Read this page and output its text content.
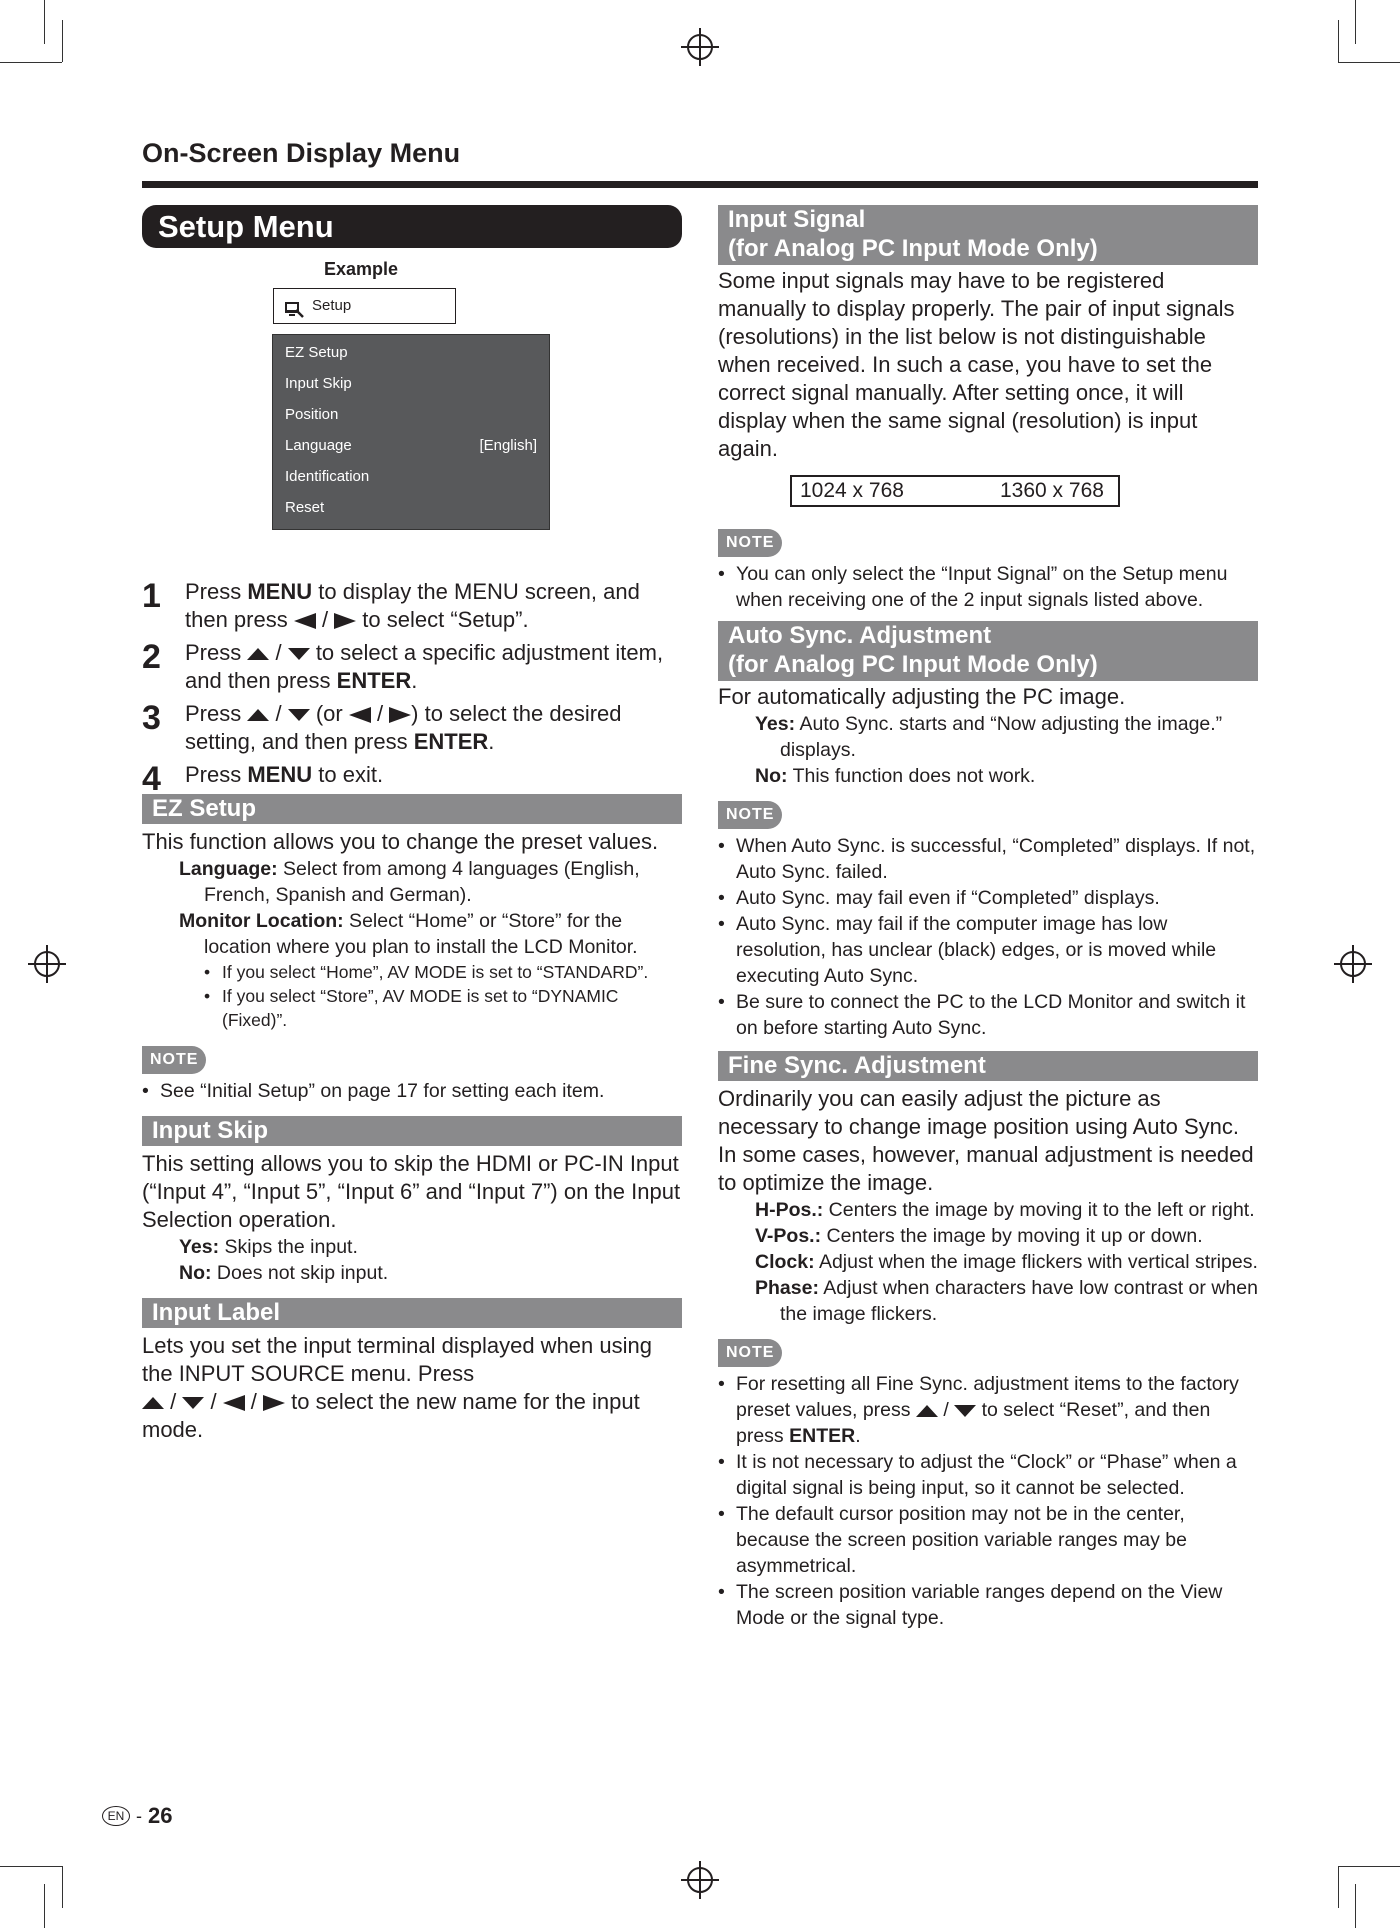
On-Screen Display Menu
Setup Menu
Example
Setup
EZ Setup
Input Skip
Position
Language	[English]
Identification
Reset
1 Press MENU to display the MENU screen, and then press  /  to select “Setup”.
2 Press  /  to select a specific adjustment item, and then press ENTER.
3 Press  /  (or  / ) to select the desired setting, and then press ENTER.
4 Press MENU to exit.
EZ Setup

This function allows you to change the preset values.

Language: Select from among 4 languages (English, French, Spanish and German).

Monitor Location: Select “Home” or “Store” for the location where you plan to install the LCD Monitor.

• If you select “Home”, AV MODE is set to “STANDARD”.

• If you select “Store”, AV MODE is set to “DYNAMIC (Fixed)”.

NOTE

• See “Initial Setup” on page 17 for setting each item.

Input Skip

This setting allows you to skip the HDMI or PC-IN Input (“Input 4”, “Input 5”, “Input 6” and “Input 7”) on the Input Selection operation.

Yes: Skips the input.

No: Does not skip input.

Input Label

Lets you set the input terminal displayed when using the INPUT SOURCE menu. Press
/  /  /  to select the new name for the input mode.

Input Signal
(for Analog PC Input Mode Only)

Some input signals may have to be registered manually to display properly. The pair of input signals (resolutions) in the list below is not distinguishable when received. In such a case, you have to set the correct signal manually. After setting once, it will display when the same signal (resolution) is input again.

1024 x 768	1360 x 768
NOTE

• You can only select the “Input Signal” on the Setup menu when receiving one of the 2 input signals listed above.

Auto Sync. Adjustment
(for Analog PC Input Mode Only)

For automatically adjusting the PC image.

Yes: Auto Sync. starts and “Now adjusting the image.” displays.

No: This function does not work.

NOTE

• When Auto Sync. is successful, “Completed” displays. If not, Auto Sync. failed.

• Auto Sync. may fail even if “Completed” displays.

• Auto Sync. may fail if the computer image has low resolution, has unclear (black) edges, or is moved while executing Auto Sync.

• Be sure to connect the PC to the LCD Monitor and switch it on before starting Auto Sync.

Fine Sync. Adjustment

Ordinarily you can easily adjust the picture as necessary to change image position using Auto Sync. In some cases, however, manual adjustment is needed to optimize the image.

H-Pos.: Centers the image by moving it to the left or right.

V-Pos.: Centers the image by moving it up or down.

Clock: Adjust when the image flickers with vertical stripes.

Phase: Adjust when characters have low contrast or when the image flickers.

NOTE

• For resetting all Fine Sync. adjustment items to the factory preset values, press  /  to select “Reset”, and then press ENTER.

• It is not necessary to adjust the “Clock” or “Phase” when a digital signal is being input, so it cannot be selected.

• The default cursor position may not be in the center, because the screen position variable ranges may be asymmetrical.

• The screen position variable ranges depend on the View Mode or the signal type.

EN - 26
